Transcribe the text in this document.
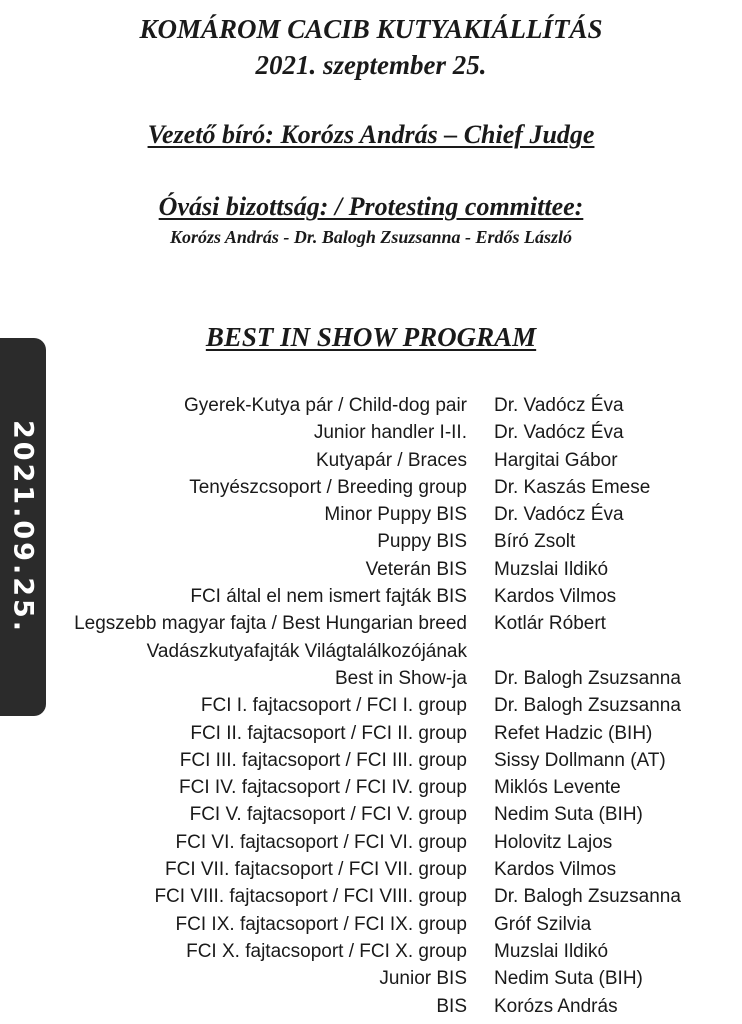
KOMÁROM CACIB KUTYAKIÁLLÍTÁS
2021. szeptember 25.
Vezető bíró: Korózs András – Chief Judge
Óvási bizottság: / Protesting committee:
Korózs András - Dr. Balogh Zsuzsanna - Erdős László
BEST IN SHOW PROGRAM
2021.09.25.
Gyerek-Kutya pár / Child-dog pair Dr. Vadócz Éva
Junior handler I-II. Dr. Vadócz Éva
Kutyapár / Braces Hargitai Gábor
Tenyészcsoport / Breeding group Dr. Kaszás Emese
Minor Puppy BIS Dr. Vadócz Éva
Puppy BIS Bíró Zsolt
Veterán BIS Muzslai Ildikó
FCI által el nem ismert fajták BIS Kardos Vilmos
Legszebb magyar fajta / Best Hungarian breed Kotlár Róbert
Vadászkutyafajták Világtalálkozójának
Best in Show-ja Dr. Balogh Zsuzsanna
FCI I. fajtacsoport / FCI I. group Dr. Balogh Zsuzsanna
FCI II. fajtacsoport / FCI II. group Refet Hadzic (BIH)
FCI III. fajtacsoport / FCI III. group Sissy Dollmann (AT)
FCI IV. fajtacsoport / FCI IV. group Miklós Levente
FCI V. fajtacsoport / FCI V. group Nedim Suta (BIH)
FCI VI. fajtacsoport / FCI VI. group Holovitz Lajos
FCI VII. fajtacsoport / FCI VII. group Kardos Vilmos
FCI VIII. fajtacsoport / FCI VIII. group Dr. Balogh Zsuzsanna
FCI IX. fajtacsoport / FCI IX. group Gróf Szilvia
FCI X. fajtacsoport / FCI X. group Muzslai Ildikó
Junior BIS Nedim Suta (BIH)
BIS Korózs András
